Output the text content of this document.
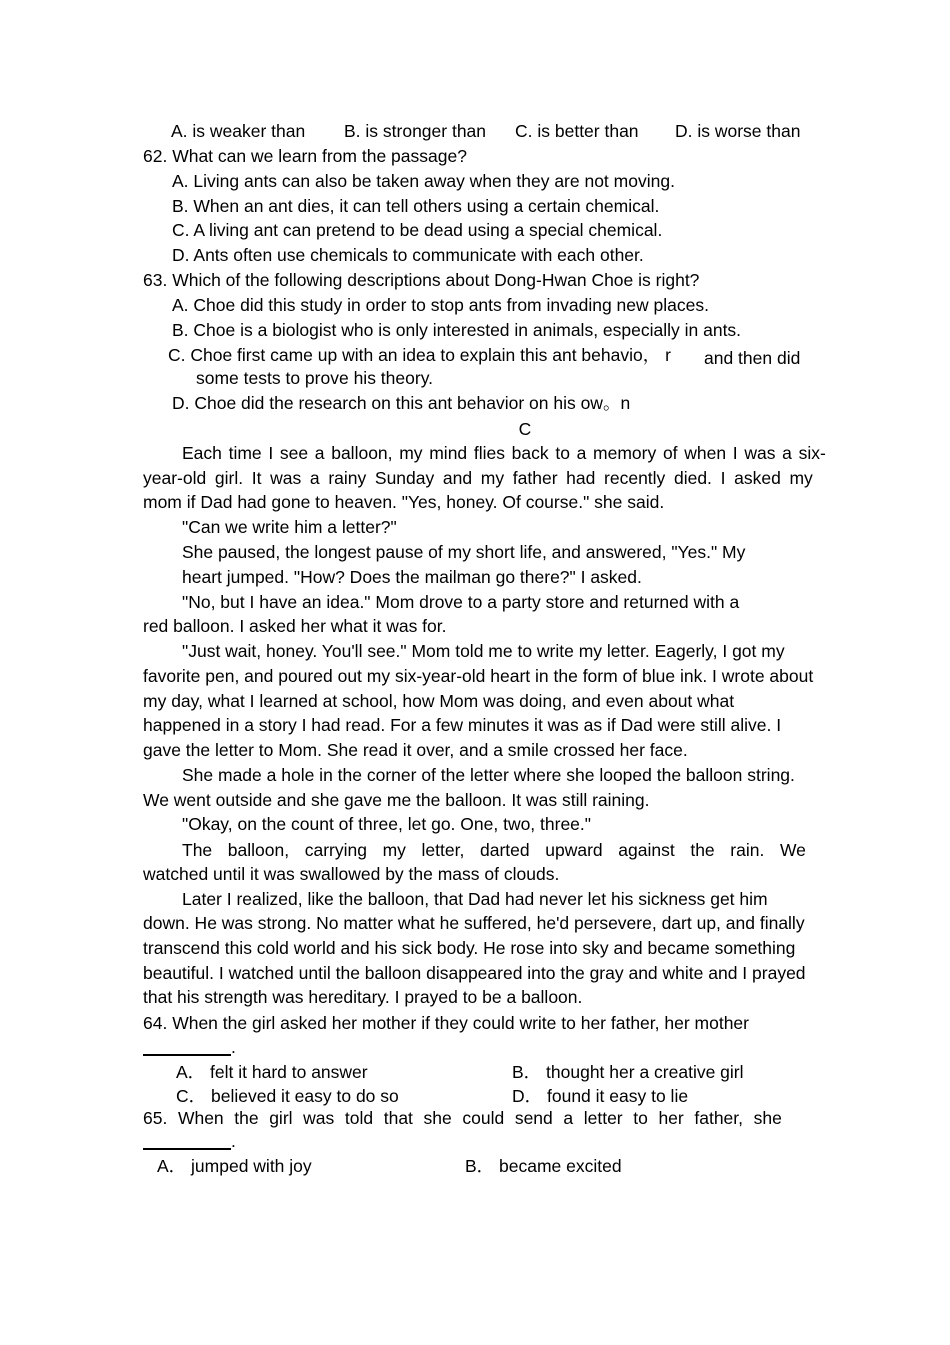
A. is weaker than B. is stronger than C. is better than D. is worse than
62. What can we learn from the passage?
A. Living ants can also be taken away when they are not moving.
B. When an ant dies, it can tell others using a certain chemical.
C. A living ant can pretend to be dead using a special chemical.
D. Ants often use chemicals to communicate with each other.
63. Which of the following descriptions about Dong-Hwan Choe is right?
A. Choe did this study in order to stop ants from invading new places.
B. Choe is a biologist who is only interested in animals, especially in ants.
C. Choe first came up with an idea to explain this ant behavio， r and then did
some tests to prove his theory.
D. Choe did the research on this ant behavior on his ow。n
C
Each time I see a balloon, my mind flies back to a memory of when I was a six-
year-old girl. It was a rainy Sunday and my father had recently died. I asked my
mom if Dad had gone to heaven. "Yes, honey. Of course." she said.
"Can we write him a letter?"
She paused, the longest pause of my short life, and answered, "Yes." My
heart jumped. "How? Does the mailman go there?" I asked.
"No, but I have an idea." Mom drove to a party store and returned with a
red balloon. I asked her what it was for.
"Just wait, honey. You'll see." Mom told me to write my letter. Eagerly, I got my
favorite pen, and poured out my six-year-old heart in the form of blue ink. I wrote about
my day, what I learned at school, how Mom was doing, and even about what
happened in a story I had read. For a few minutes it was as if Dad were still alive. I
gave the letter to Mom. She read it over, and a smile crossed her face.
She made a hole in the corner of the letter where she looped the balloon string.
We went outside and she gave me the balloon. It was still raining.
"Okay, on the count of three, let go. One, two, three."
The balloon, carrying my letter, darted upward against the rain. We
watched until it was swallowed by the mass of clouds.
Later I realized, like the balloon, that Dad had never let his sickness get him
down. He was strong. No matter what he suffered, he'd persevere, dart up, and finally
transcend this cold world and his sick body. He rose into sky and became something
beautiful. I watched until the balloon disappeared into the gray and white and I prayed
that his strength was hereditary. I prayed to be a balloon.
64. When the girl asked her mother if they could write to her father, her mother
.
A． felt it hard to answer	B． thought her a creative girl
C． believed it easy to do so	D． found it easy to lie
65. When the girl was told that she could send a letter to her father, she
.
A． jumped with joy	B． became excited
